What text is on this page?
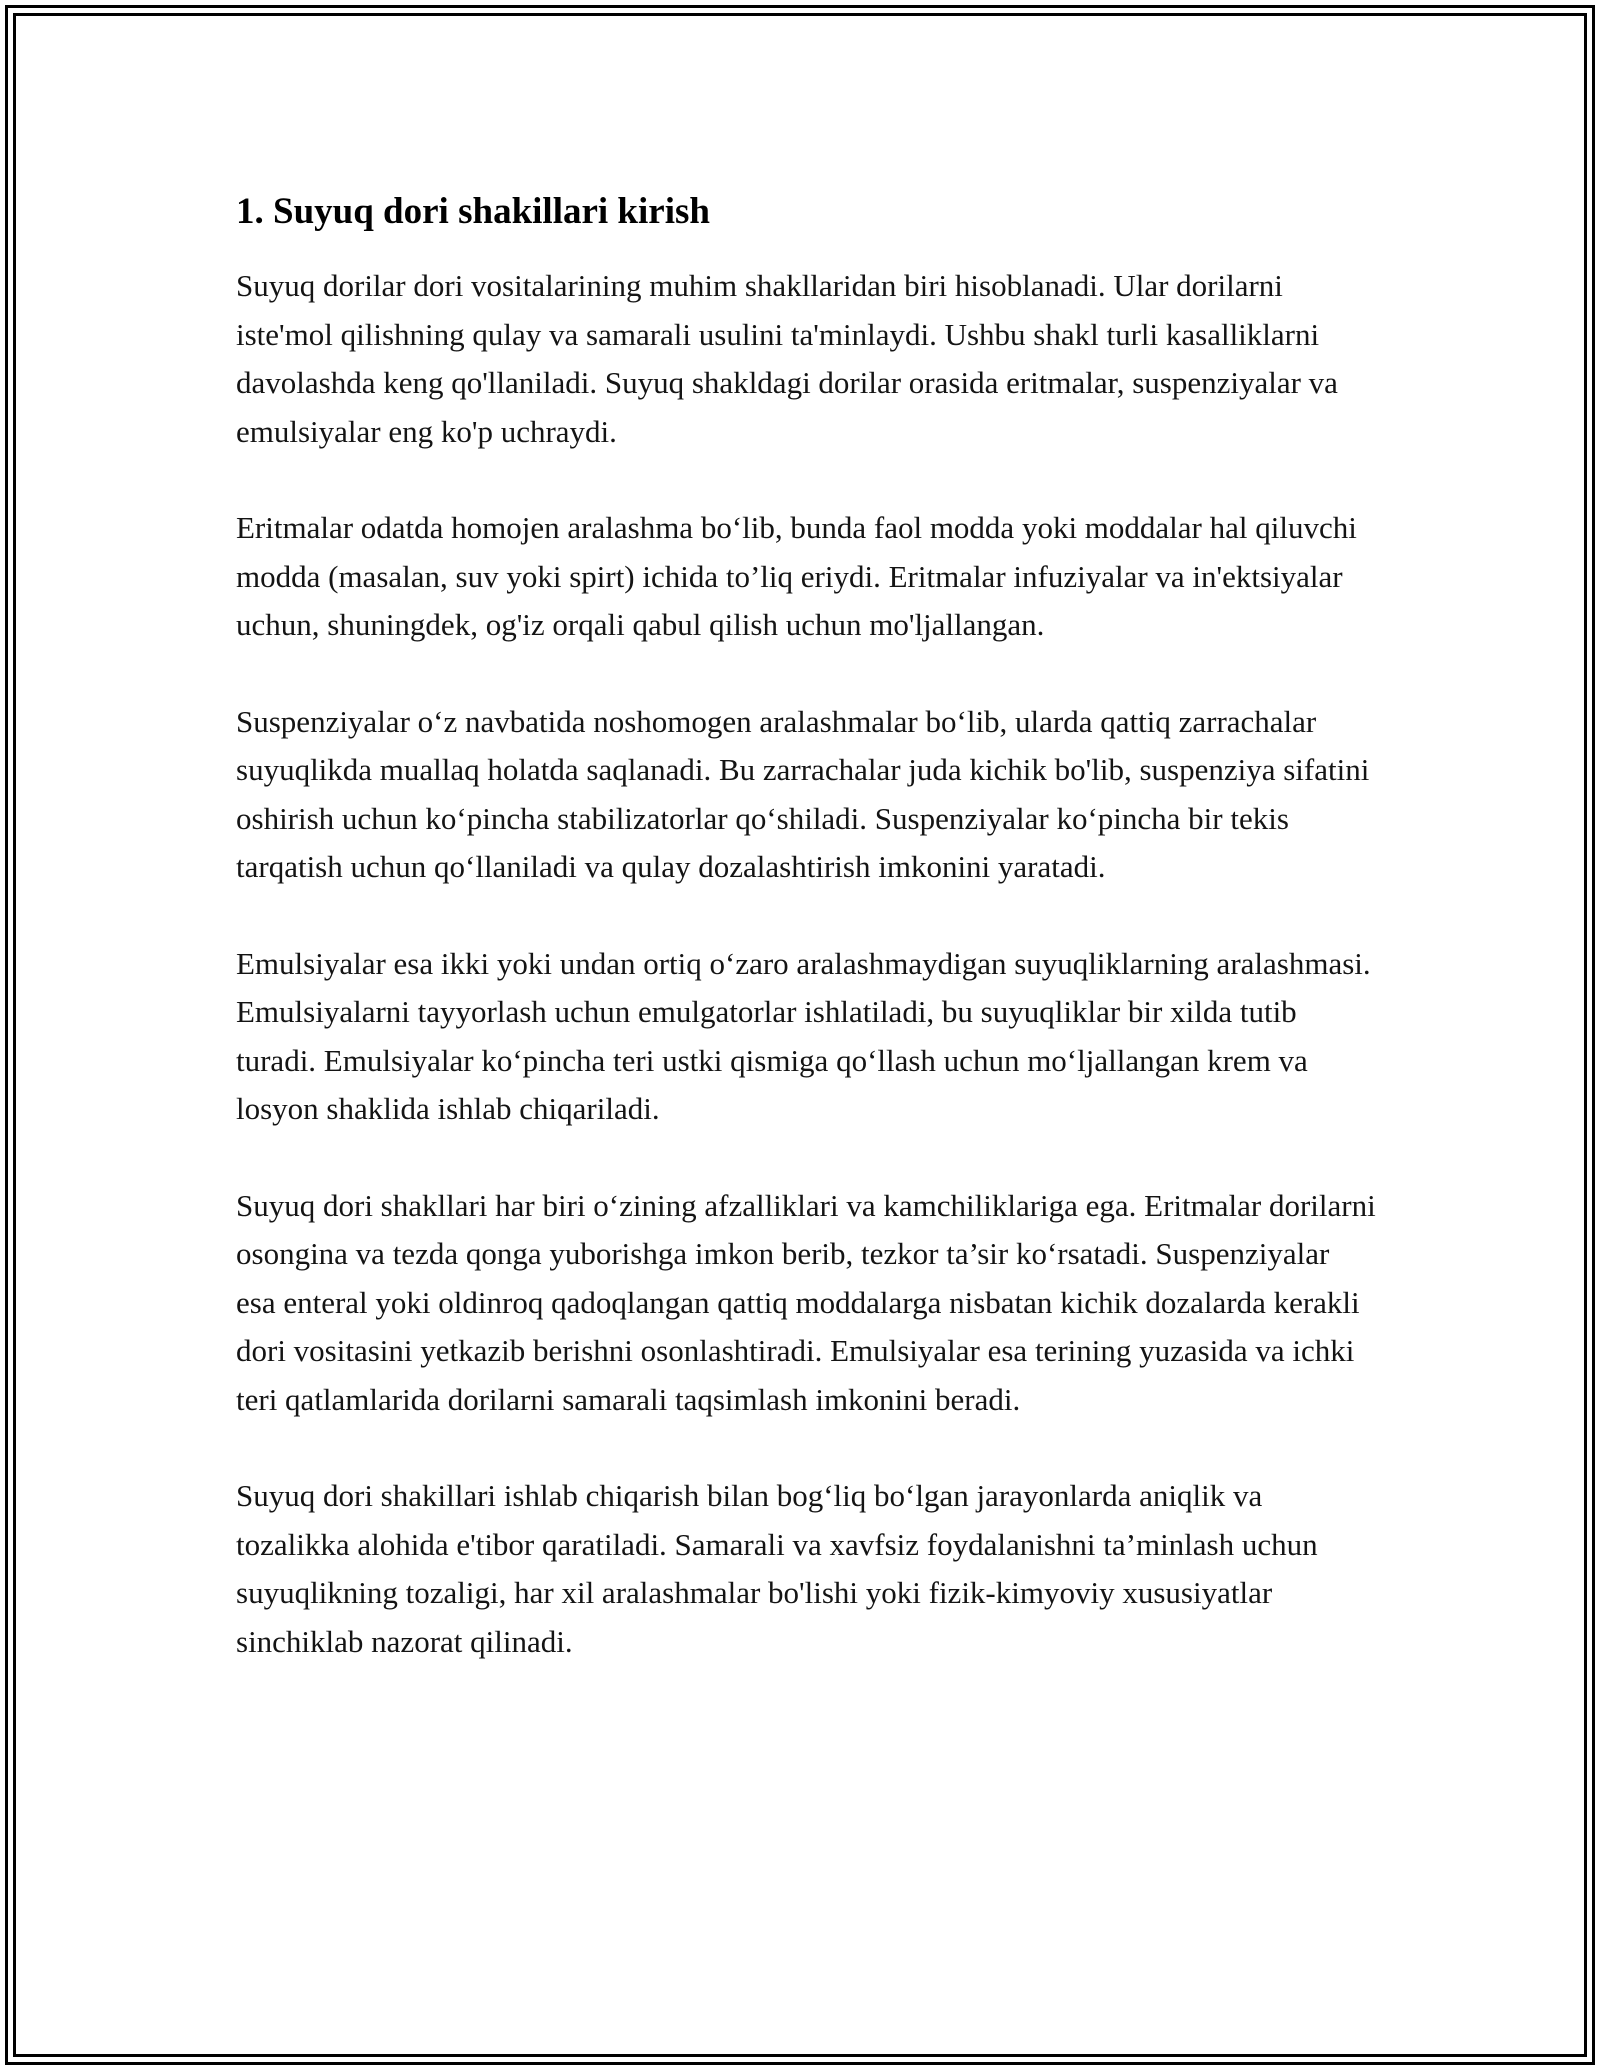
1. Suyuq dori shakillari kirish

Suyuq dorilar dori vositalarining muhim shakllaridan biri hisoblanadi. Ular dorilarni iste'mol qilishning qulay va samarali usulini ta'minlaydi. Ushbu shakl turli kasalliklarni davolashda keng qo'llaniladi. Suyuq shakldagi dorilar orasida eritmalar, suspenziyalar va emulsiyalar eng ko'p uchraydi.

Eritmalar odatda homojen aralashma bo‘lib, bunda faol modda yoki moddalar hal qiluvchi modda (masalan, suv yoki spirt) ichida to’liq eriydi. Eritmalar infuziyalar va in'ektsiyalar uchun, shuningdek, og'iz orqali qabul qilish uchun mo'ljallangan.

Suspenziyalar o‘z navbatida noshomogen aralashmalar bo‘lib, ularda qattiq zarrachalar suyuqlikda muallaq holatda saqlanadi. Bu zarrachalar juda kichik bo'lib, suspenziya sifatini oshirish uchun ko‘pincha stabilizatorlar qo‘shiladi. Suspenziyalar ko‘pincha bir tekis tarqatish uchun qo‘llaniladi va qulay dozalashtirish imkonini yaratadi.

Emulsiyalar esa ikki yoki undan ortiq o‘zaro aralashmaydigan suyuqliklarning aralashmasi. Emulsiyalarni tayyorlash uchun emulgatorlar ishlatiladi, bu suyuqliklar bir xilda tutib turadi. Emulsiyalar ko‘pincha teri ustki qismiga qo‘llash uchun mo‘ljallangan krem va losyon shaklida ishlab chiqariladi.

Suyuq dori shakllari har biri o‘zining afzalliklari va kamchiliklariga ega. Eritmalar dorilarni osongina va tezda qonga yuborishga imkon berib, tezkor ta’sir ko‘rsatadi. Suspenziyalar esa enteral yoki oldinroq qadoqlangan qattiq moddalarga nisbatan kichik dozalarda kerakli dori vositasini yetkazib berishni osonlashtiradi. Emulsiyalar esa terining yuzasida va ichki teri qatlamlarida dorilarni samarali taqsimlash imkonini beradi.

Suyuq dori shakillari ishlab chiqarish bilan bog‘liq bo‘lgan jarayonlarda aniqlik va tozalikka alohida e'tibor qaratiladi. Samarali va xavfsiz foydalanishni ta’minlash uchun suyuqlikning tozaligi, har xil aralashmalar bo'lishi yoki fizik-kimyoviy xususiyatlar sinchiklab nazorat qilinadi.
